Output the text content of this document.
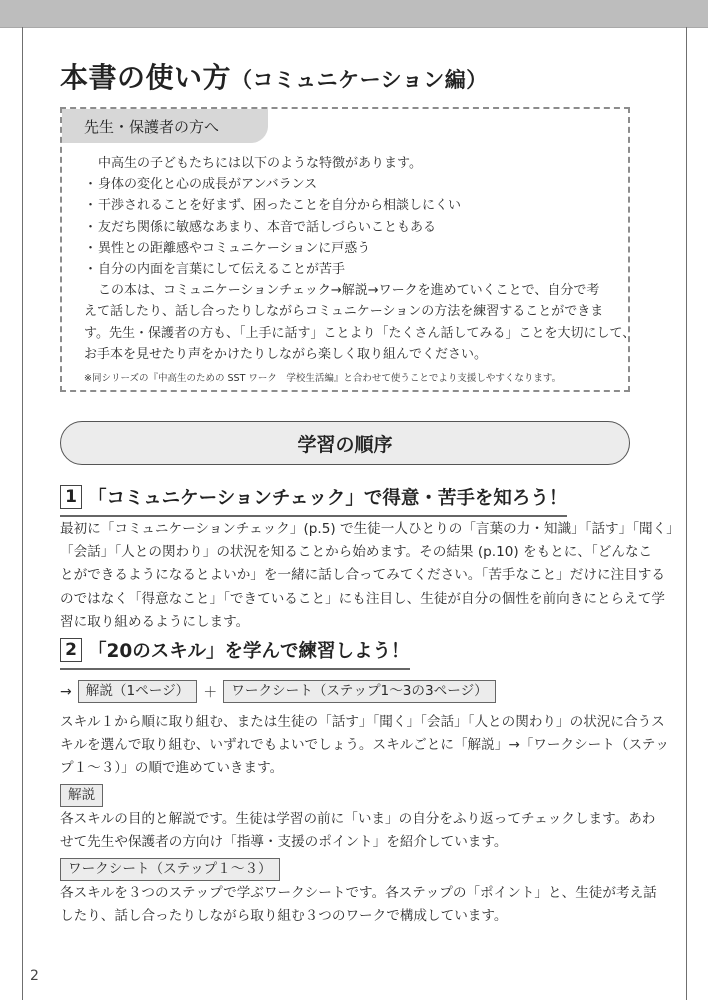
本書の使い方（コミュニケーション編）
先生・保護者の方へ
中高生の子どもたちには以下のような特徴があります。
・身体の変化と心の成長がアンバランス
・干渉されることを好まず、困ったことを自分から相談しにくい
・友だち関係に敏感なあまり、本音で話しづらいこともある
・異性との距離感やコミュニケーションに戸惑う
・自分の内面を言葉にして伝えることが苦手
この本は、コミュニケーションチェック→解説→ワークを進めていくことで、自分で考
えて話したり、話し合ったりしながらコミュニケーションの方法を練習することができま
す。先生・保護者の方も、「上手に話す」ことより「たくさん話してみる」ことを大切にして、
お手本を見せたり声をかけたりしながら楽しく取り組んでください。
※同シリーズの『中高生のための SST ワーク　学校生活編』と合わせて使うことでより支援しやすくなります。
学習の順序
1 「コミュニケーションチェック」で得意・苦手を知ろう！
最初に「コミュニケーションチェック」(p.5) で生徒一人ひとりの「言葉の力・知識」「話す」「聞く」
「会話」「人との関わり」の状況を知ることから始めます。その結果 (p.10) をもとに、「どんなこ
とができるようになるとよいか」を一緒に話し合ってみてください。「苦手なこと」だけに注目する
のではなく「得意なこと」「できていること」にも注目し、生徒が自分の個性を前向きにとらえて学
習に取り組めるようにします。
2 「20のスキル」を学んで練習しよう！
→	解説（1ページ）	＋	ワークシート（ステップ1～3の3ページ）
スキル１から順に取り組む、または生徒の「話す」「聞く」「会話」「人との関わり」の状況に合うス
キルを選んで取り組む、いずれでもよいでしょう。スキルごとに「解説」→「ワークシート（ステッ
プ１～３）」の順で進めていきます。
解説
各スキルの目的と解説です。生徒は学習の前に「いま」の自分をふり返ってチェックします。あわ
せて先生や保護者の方向け「指導・支援のポイント」を紹介しています。
ワークシート（ステップ１～３）
各スキルを３つのステップで学ぶワークシートです。各ステップの「ポイント」と、生徒が考え話
したり、話し合ったりしながら取り組む３つのワークで構成しています。
2
